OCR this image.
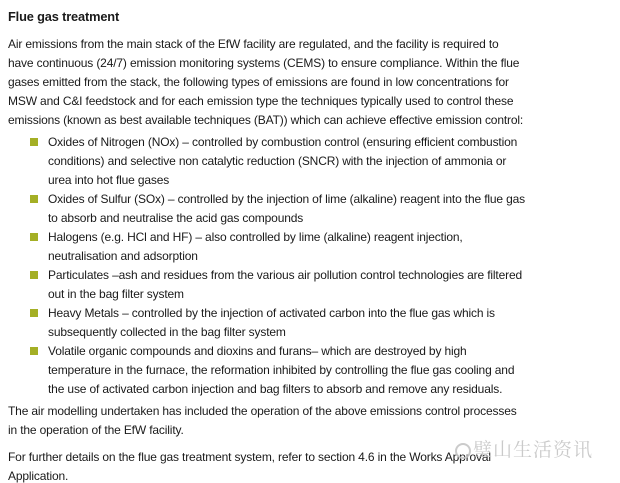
Flue gas treatment
Air emissions from the main stack of the EfW facility are regulated, and the facility is required to
have continuous (24/7) emission monitoring systems (CEMS) to ensure compliance. Within the flue
gases emitted from the stack, the following types of emissions are found in low concentrations for
MSW and C&I feedstock and for each emission type the techniques typically used to control these
emissions (known as best available techniques (BAT)) which can achieve effective emission control:
Oxides of Nitrogen (NOx) – controlled by combustion control (ensuring efficient combustion
conditions) and selective non catalytic reduction (SNCR) with the injection of ammonia or
urea into hot flue gases
Oxides of Sulfur (SOx) – controlled by the injection of lime (alkaline) reagent into the flue gas
to absorb and neutralise the acid gas compounds
Halogens (e.g. HCl and HF) – also controlled by lime (alkaline) reagent injection,
neutralisation and adsorption
Particulates –ash and residues from the various air pollution control technologies are filtered
out in the bag filter system
Heavy Metals – controlled by the injection of activated carbon into the flue gas which is
subsequently collected in the bag filter system
Volatile organic compounds and dioxins and furans– which are destroyed by high
temperature in the furnace, the reformation inhibited by controlling the flue gas cooling and
the use of activated carbon injection and bag filters to absorb and remove any residuals.
The air modelling undertaken has included the operation of the above emissions control processes
in the operation of the EfW facility.
For further details on the flue gas treatment system, refer to section 4.6 in the Works Approval
Application.
璧山生活资讯
